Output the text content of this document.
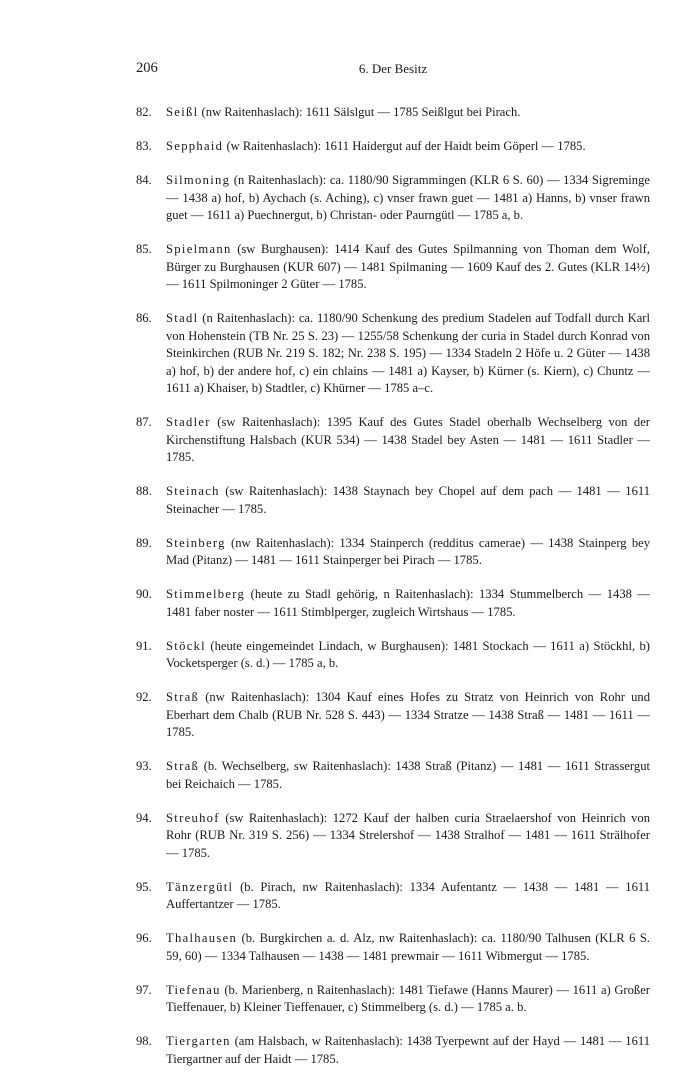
206	6. Der Besitz
82. Seißl (nw Raitenhaslach): 1611 Sälslgut — 1785 Seißlgut bei Pirach.
83. Sepphaid (w Raitenhaslach): 1611 Haidergut auf der Haidt beim Göperl — 1785.
84. Silmoning (n Raitenhaslach): ca. 1180/90 Sigrammingen (KLR 6 S. 60) — 1334 Sigreminge — 1438 a) hof, b) Aychach (s. Aching), c) vnser frawn guet — 1481 a) Hanns, b) vnser frawn guet — 1611 a) Puechnergut, b) Christan- oder Paurngütl — 1785 a, b.
85. Spielmann (sw Burghausen): 1414 Kauf des Gutes Spilmanning von Thoman dem Wolf, Bürger zu Burghausen (KUR 607) — 1481 Spilmaning — 1609 Kauf des 2. Gutes (KLR 14½) — 1611 Spilmoninger 2 Güter — 1785.
86. Stadl (n Raitenhaslach): ca. 1180/90 Schenkung des predium Stadelen auf Todfall durch Karl von Hohenstein (TB Nr. 25 S. 23) — 1255/58 Schenkung der curia in Stadel durch Konrad von Steinkirchen (RUB Nr. 219 S. 182; Nr. 238 S. 195) — 1334 Stadeln 2 Höfe u. 2 Güter — 1438 a) hof, b) der andere hof, c) ein chlains — 1481 a) Kayser, b) Kürner (s. Kiern), c) Chuntz — 1611 a) Khaiser, b) Stadtler, c) Khürner — 1785 a–c.
87. Stadler (sw Raitenhaslach): 1395 Kauf des Gutes Stadel oberhalb Wechselberg von der Kirchenstiftung Halsbach (KUR 534) — 1438 Stadel bey Asten — 1481 — 1611 Stadler — 1785.
88. Steinach (sw Raitenhaslach): 1438 Staynach bey Chopel auf dem pach — 1481 — 1611 Steinacher — 1785.
89. Steinberg (nw Raitenhaslach): 1334 Stainperch (redditus camerae) — 1438 Stainperg bey Mad (Pitanz) — 1481 — 1611 Stainperger bei Pirach — 1785.
90. Stimmelberg (heute zu Stadl gehörig, n Raitenhaslach): 1334 Stummelberch — 1438 — 1481 faber noster — 1611 Stimblperger, zugleich Wirtshaus — 1785.
91. Stöckl (heute eingemeindet Lindach, w Burghausen): 1481 Stockach — 1611 a) Stöckhl, b) Vocketsperger (s. d.) — 1785 a, b.
92. Straß (nw Raitenhaslach): 1304 Kauf eines Hofes zu Stratz von Heinrich von Rohr und Eberhart dem Chalb (RUB Nr. 528 S. 443) — 1334 Stratze — 1438 Straß — 1481 — 1611 — 1785.
93. Straß (b. Wechselberg, sw Raitenhaslach): 1438 Straß (Pitanz) — 1481 — 1611 Strassergut bei Reichaich — 1785.
94. Streuhof (sw Raitenhaslach): 1272 Kauf der halben curia Straelaershof von Heinrich von Rohr (RUB Nr. 319 S. 256) — 1334 Strelershof — 1438 Stralhof — 1481 — 1611 Strälhofer — 1785.
95. Tänzergütl (b. Pirach, nw Raitenhaslach): 1334 Aufentantz — 1438 — 1481 — 1611 Auffertantzer — 1785.
96. Thalhausen (b. Burgkirchen a. d. Alz, nw Raitenhaslach): ca. 1180/90 Talhusen (KLR 6 S. 59, 60) — 1334 Talhausen — 1438 — 1481 prewmair — 1611 Wibmergut — 1785.
97. Tiefenau (b. Marienberg, n Raitenhaslach): 1481 Tiefawe (Hanns Maurer) — 1611 a) Großer Tieffenauer, b) Kleiner Tieffenauer, c) Stimmelberg (s. d.) — 1785 a. b.
98. Tiergarten (am Halsbach, w Raitenhaslach): 1438 Tyerpewnt auf der Hayd — 1481 — 1611 Tiergartner auf der Haidt — 1785.
